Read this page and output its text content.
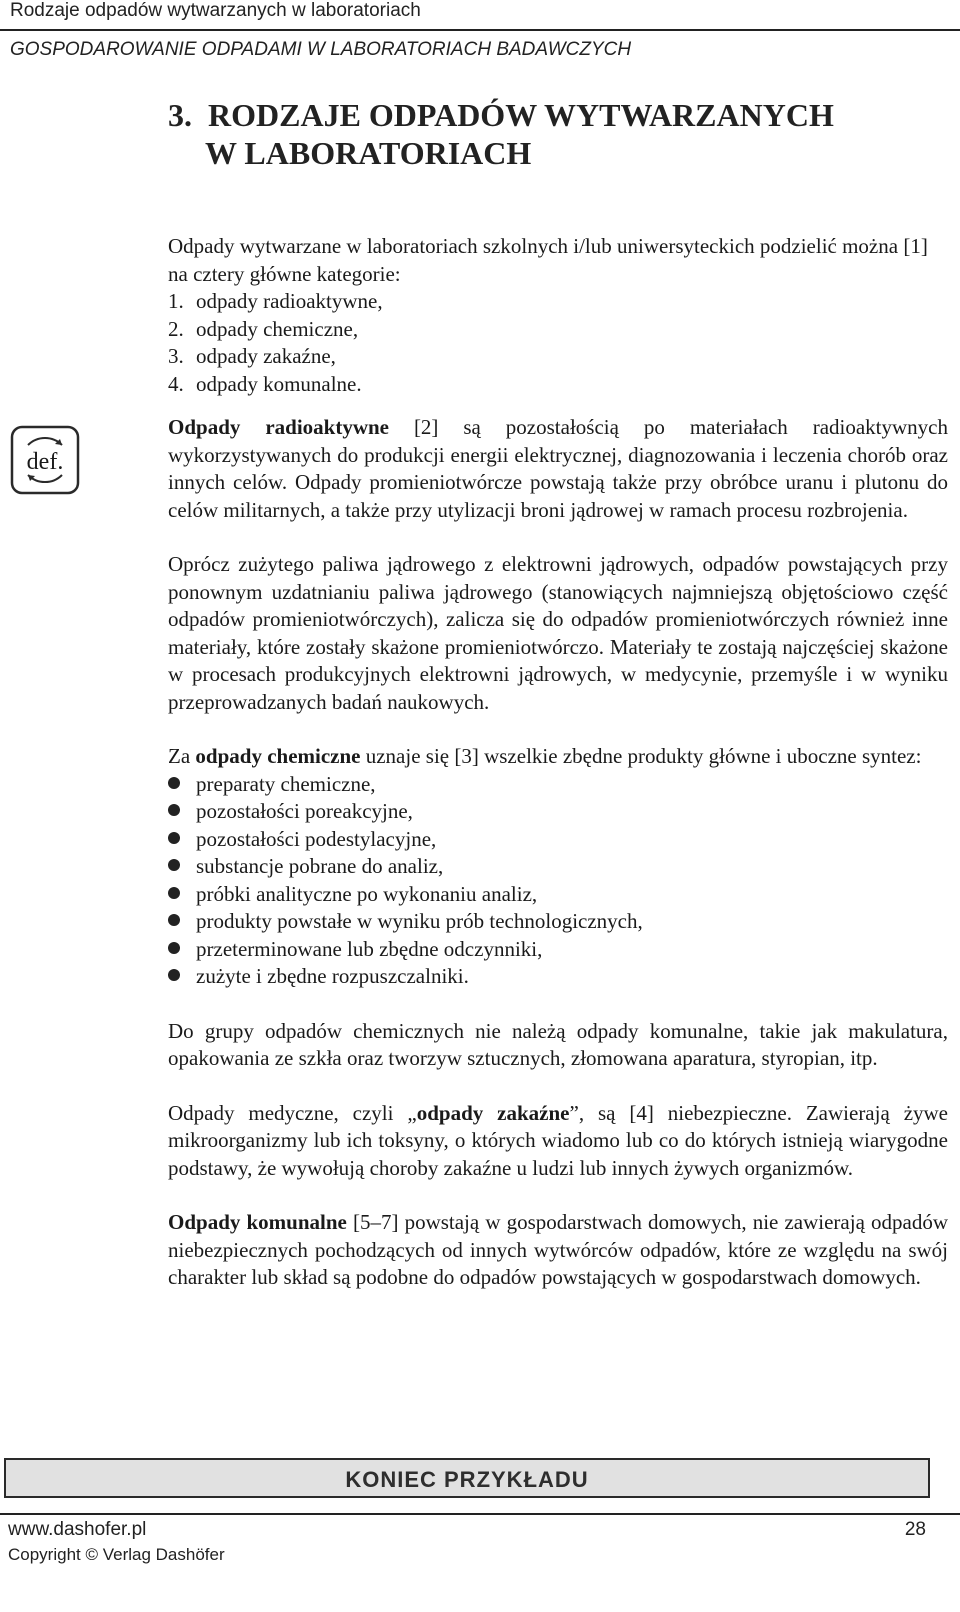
Rodzaje odpadów wytwarzanych w laboratoriach
GOSPODAROWANIE ODPADAMI W LABORATORIACH BADAWCZYCH
3.  RODZAJE ODPADÓW WYTWARZANYCH
W LABORATORIACH
def.

Odpady wytwarzane w laboratoriach szkolnych i/lub uniwersyteckich podzielić można [1] na cztery główne kategorie:

1. odpady radioaktywne,
2. odpady chemiczne,
3. odpady zakaźne,
4. odpady komunalne.

Odpady radioaktywne [2] są pozostałością po materiałach radioaktywnych wykorzystywanych do produkcji energii elektrycznej, diagnozowania i leczenia chorób oraz innych celów. Odpady promieniotwórcze powstają także przy obróbce uranu i plutonu do celów militarnych, a także przy utylizacji broni jądrowej w ramach procesu rozbrojenia.

Oprócz zużytego paliwa jądrowego z elektrowni jądrowych, odpadów powstających przy ponownym uzdatnianiu paliwa jądrowego (stanowiących najmniejszą objętościowo część odpadów promieniotwórczych), zalicza się do odpadów promieniotwórczych również inne materiały, które zostały skażone promieniotwórczo. Materiały te zostają najczęściej skażone w procesach produkcyjnych elektrowni jądrowych, w medycynie, przemyśle i w wyniku przeprowadzanych badań naukowych.

Za odpady chemiczne uznaje się [3] wszelkie zbędne produkty główne i uboczne syntez:

preparaty chemiczne,
pozostałości poreakcyjne,
pozostałości podestylacyjne,
substancje pobrane do analiz,
próbki analityczne po wykonaniu analiz,
produkty powstałe w wyniku prób technologicznych,
przeterminowane lub zbędne odczynniki,
zużyte i zbędne rozpuszczalniki.

Do grupy odpadów chemicznych nie należą odpady komunalne, takie jak makulatura, opakowania ze szkła oraz tworzyw sztucznych, złomowana aparatura, styropian, itp.

Odpady medyczne, czyli „odpady zakaźne”, są [4] niebezpieczne. Zawierają żywe mikroorganizmy lub ich toksyny, o których wiadomo lub co do których istnieją wiarygodne podstawy, że wywołują choroby zakaźne u ludzi lub innych żywych organizmów.

Odpady komunalne [5–7] powstają w gospodarstwach domowych, nie zawierają odpadów niebezpiecznych pochodzących od innych wytwórców odpadów, które ze względu na swój charakter lub skład są podobne do odpadów powstających w gospodarstwach domowych.

KONIEC PRZYKŁADU
www.dashofer.pl	28
Copyright © Verlag Dashöfer
